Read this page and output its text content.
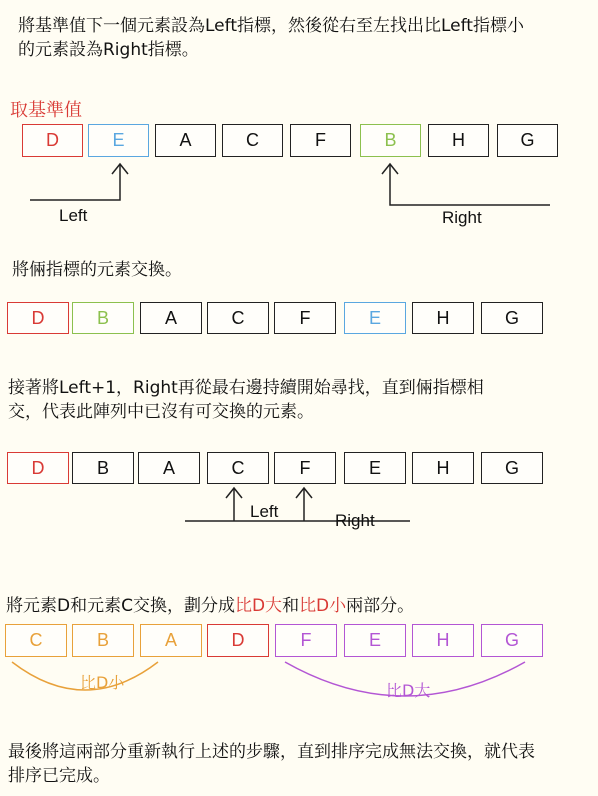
將基準值下一個元素設為Left指標，然後從右至左找出比Left指標小
的元素設為Right指標。
取基準值
D	E	A	C	F	B	H	G
Left	Right
將倆指標的元素交換。
D	B	A	C	F	E	H	G
接著將Left+1，Right再從最右邊持續開始尋找，直到倆指標相
交，代表此陣列中已沒有可交換的元素。
D	B	A	C	F	E	H	G
Left	Right

將元素D和元素C交換，劃分成比D大和比D小兩部分。

C	B	A	D	F	E	H	G
比D小	比D大
最後將這兩部分重新執行上述的步驟，直到排序完成無法交換，就代表
排序已完成。
